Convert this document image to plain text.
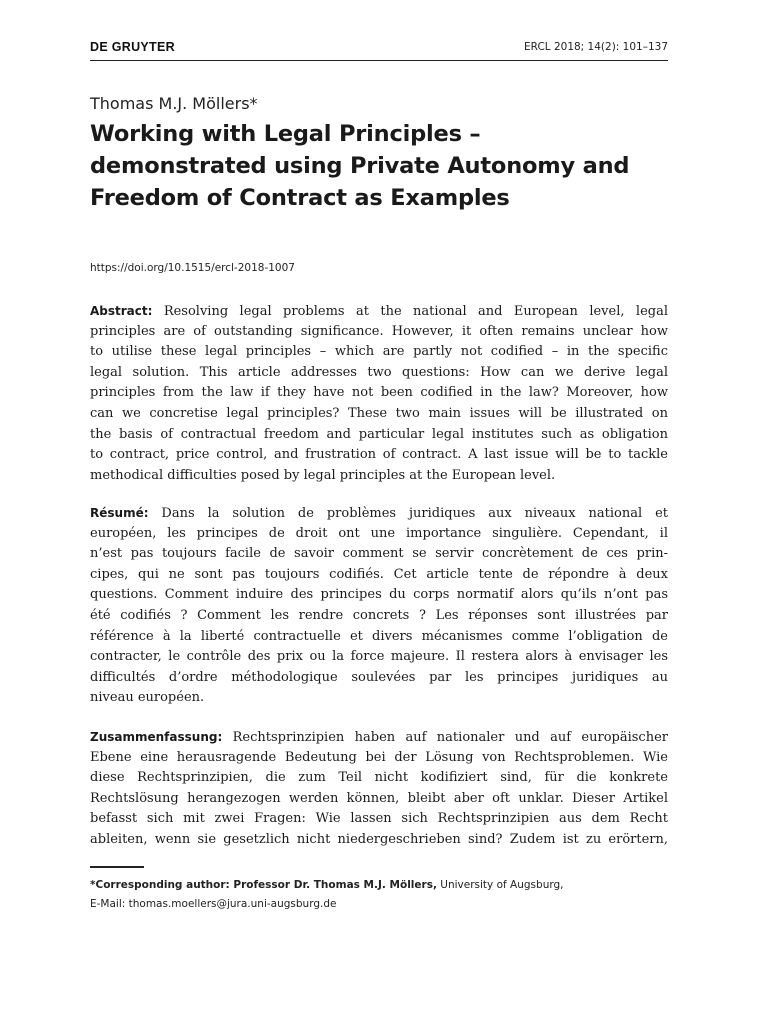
DE GRUYTER	ERCL 2018; 14(2): 101–137
Thomas M.J. Möllers*
Working with Legal Principles –
demonstrated using Private Autonomy and
Freedom of Contract as Examples
https://doi.org/10.1515/ercl-2018-1007
Abstract: Resolving legal problems at the national and European level, legal
principles are of outstanding significance. However, it often remains unclear how
to utilise these legal principles – which are partly not codified – in the specific
legal solution. This article addresses two questions: How can we derive legal
principles from the law if they have not been codified in the law? Moreover, how
can we concretise legal principles? These two main issues will be illustrated on
the basis of contractual freedom and particular legal institutes such as obligation
to contract, price control, and frustration of contract. A last issue will be to tackle
methodical difficulties posed by legal principles at the European level.
Résumé: Dans la solution de problèmes juridiques aux niveaux national et
européen, les principes de droit ont une importance singulière. Cependant, il
n’est pas toujours facile de savoir comment se servir concrètement de ces prin-
cipes, qui ne sont pas toujours codifiés. Cet article tente de répondre à deux
questions. Comment induire des principes du corps normatif alors qu’ils n’ont pas
été codifiés ? Comment les rendre concrets ? Les réponses sont illustrées par
référence à la liberté contractuelle et divers mécanismes comme l’obligation de
contracter, le contrôle des prix ou la force majeure. Il restera alors à envisager les
difficultés d’ordre méthodologique soulevées par les principes juridiques au
niveau européen.
Zusammenfassung: Rechtsprinzipien haben auf nationaler und auf europäischer
Ebene eine herausragende Bedeutung bei der Lösung von Rechtsproblemen. Wie
diese Rechtsprinzipien, die zum Teil nicht kodifiziert sind, für die konkrete
Rechtslösung herangezogen werden können, bleibt aber oft unklar. Dieser Artikel
befasst sich mit zwei Fragen: Wie lassen sich Rechtsprinzipien aus dem Recht
ableiten, wenn sie gesetzlich nicht niedergeschrieben sind? Zudem ist zu erörtern,
*Corresponding author: Professor Dr. Thomas M.J. Möllers, University of Augsburg,
E-Mail: thomas.moellers@jura.uni-augsburg.de
